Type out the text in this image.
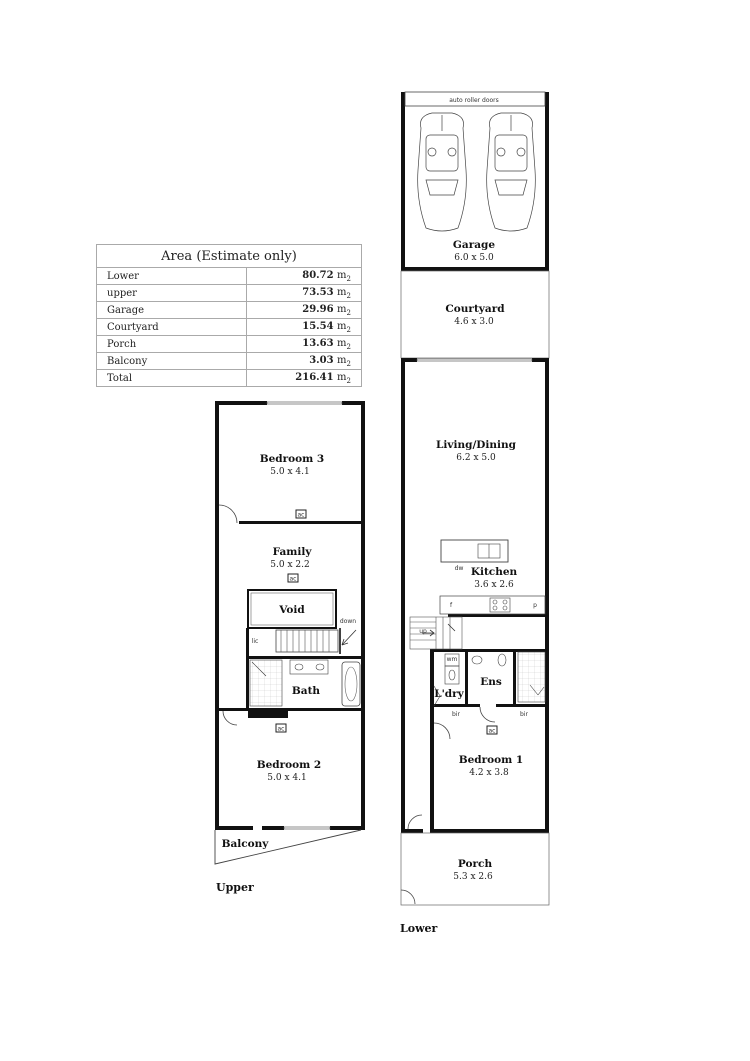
Area (Estimate only)	
Lower	80.72 $m_2$
upper	73.53 $m_2$
Garage	29.96 $m_2$
Courtyard	15.54 $m_2$
Porch	13.63 $m_2$
Balcony	3.03 $m_2$
Total	216.41 $m_2$
ac
Bedroom 3
5.0 x 4.1
Family
5.0 x 2.2
ac
Void
down
lic
Bath
ac
Bedroom 2
5.0 x 4.1
Balcony
Upper
auto roller doors
Garage
6.0 x 5.0
Courtyard
4.6 x 3.0
dw
Living/Dining
6.2 x 5.0
Kitchen
3.6 x 2.6
f	p
up
wm
L'dry
Ens
bir	bir
ac
Bedroom 1
4.2 x 3.8
Porch
5.3 x 2.6
Lower
